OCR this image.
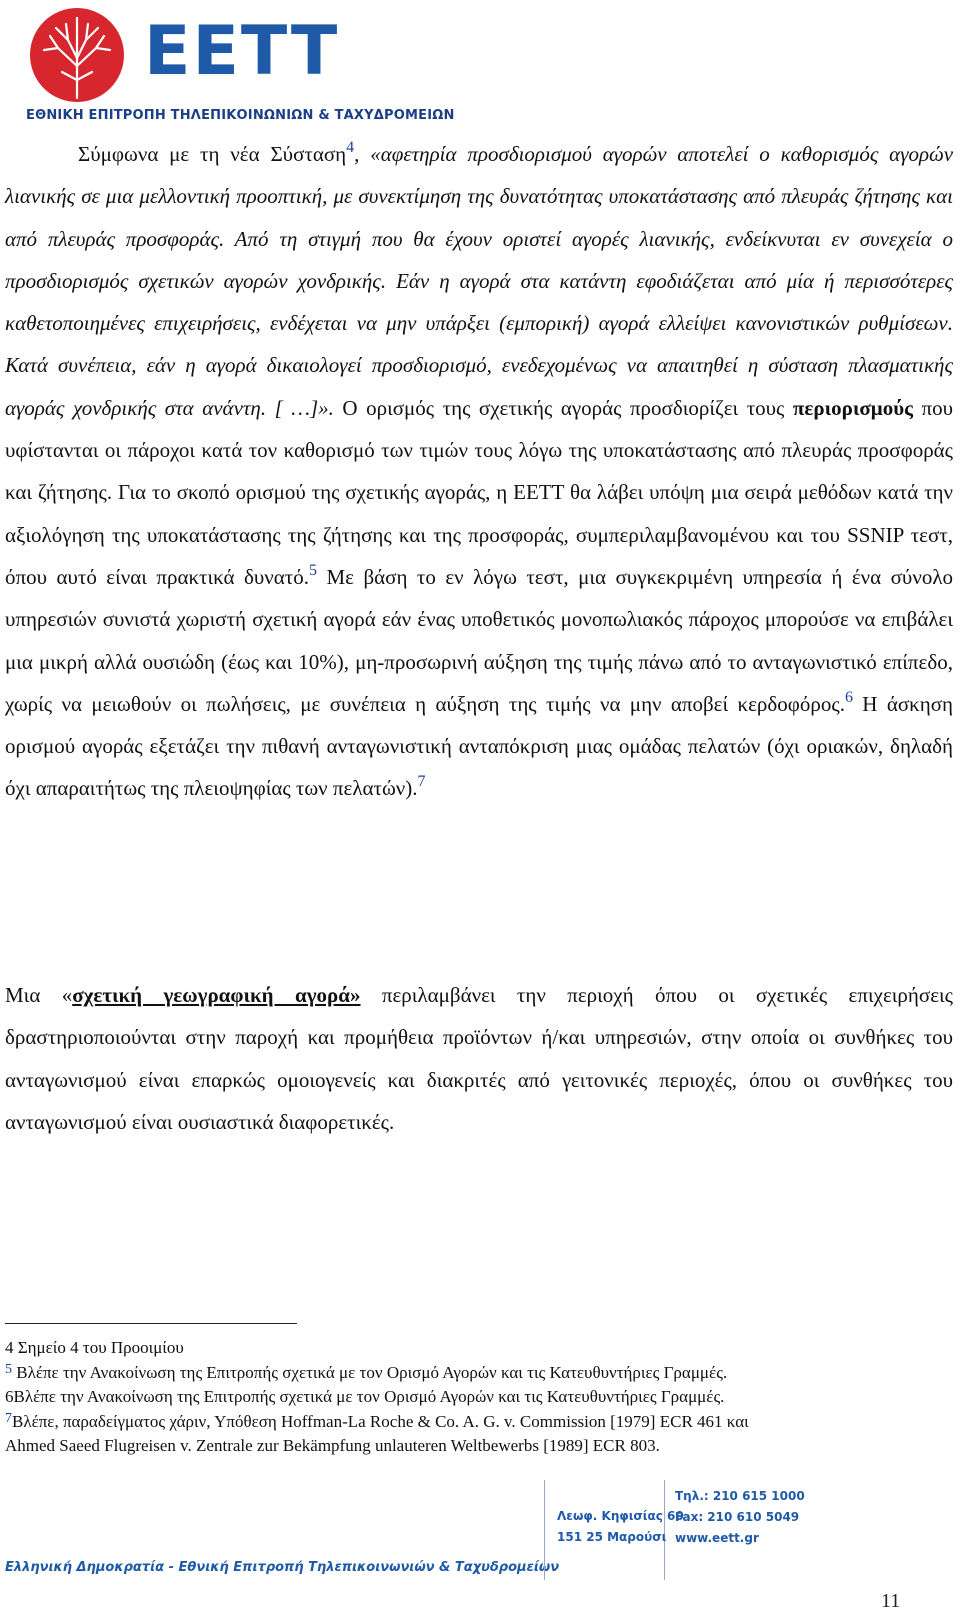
EETT
ΕΘΝΙΚΗ ΕΠΙΤΡΟΠΗ ΤΗΛΕΠΙΚΟΙΝΩΝΙΩΝ & ΤΑΧΥΔΡΟΜΕΙΩΝ

Σύμφωνα με τη νέα Σύσταση$^4$, «αφετηρία προσδιορισμού αγορών αποτελεί ο καθορισμός αγορών λιανικής σε μια μελλοντική προοπτική, με συνεκτίμηση της δυνατότητας υποκατάστασης από πλευράς ζήτησης και από πλευράς προσφοράς. Από τη στιγμή που θα έχουν οριστεί αγορές λιανικής, ενδείκνυται εν συνεχεία ο προσδιορισμός σχετικών αγορών χονδρικής. Εάν η αγορά στα κατάντη εφοδιάζεται από μία ή περισσότερες καθετοποιημένες επιχειρήσεις, ενδέχεται να μην υπάρξει (εμπορική) αγορά ελλείψει κανονιστικών ρυθμίσεων. Κατά συνέπεια, εάν η αγορά δικαιολογεί προσδιορισμό, ενεδεχομένως να απαιτηθεί η σύσταση πλασματικής αγοράς χονδρικής στα ανάντη. [ …]». Ο ορισμός της σχετικής αγοράς προσδιορίζει τους περιορισμούς που υφίστανται οι πάροχοι κατά τον καθορισμό των τιμών τους λόγω της υποκατάστασης από πλευράς προσφοράς και ζήτησης. Για το σκοπό ορισμού της σχετικής αγοράς, η ΕΕΤΤ θα λάβει υπόψη μια σειρά μεθόδων κατά την αξιολόγηση της υποκατάστασης της ζήτησης και της προσφοράς, συμπεριλαμβανομένου και του SSNIP τεστ, όπου αυτό είναι πρακτικά δυνατό.$^5$ Με βάση το εν λόγω τεστ, μια συγκεκριμένη υπηρεσία ή ένα σύνολο υπηρεσιών συνιστά χωριστή σχετική αγορά εάν ένας υποθετικός μονοπωλιακός πάροχος μπορούσε να επιβάλει μια μικρή αλλά ουσιώδη (έως και 10%), μη-προσωρινή αύξηση της τιμής πάνω από το ανταγωνιστικό επίπεδο, χωρίς να μειωθούν οι πωλήσεις, με συνέπεια η αύξηση της τιμής να μην αποβεί κερδοφόρος.$^6$ Η άσκηση ορισμού αγοράς εξετάζει την πιθανή ανταγωνιστική ανταπόκριση μιας ομάδας πελατών (όχι οριακών, δηλαδή όχι απαραιτήτως της πλειοψηφίας των πελατών).$^7$

Μια «σχετική γεωγραφική αγορά» περιλαμβάνει την περιοχή όπου οι σχετικές επιχειρήσεις δραστηριοποιούνται στην παροχή και προμήθεια προϊόντων ή/και υπηρεσιών, στην οποία οι συνθήκες του ανταγωνισμού είναι επαρκώς ομοιογενείς και διακριτές από γειτονικές περιοχές, όπου οι συνθήκες του ανταγωνισμού είναι ουσιαστικά διαφορετικές.

4 Σημείο 4 του Προοιμίου
$^5$ Βλέπε την Ανακοίνωση της Επιτροπής σχετικά με τον Ορισμό Αγορών και τις Κατευθυντήριες Γραμμές.
6Βλέπε την Ανακοίνωση της Επιτροπής σχετικά με τον Ορισμό Αγορών και τις Κατευθυντήριες Γραμμές.
$^7$Βλέπε, παραδείγματος χάριν, Υπόθεση Hoffman-La Roche & Co. A. G. v. Commission [1979] ECR 461 και
Ahmed Saeed Flugreisen v. Zentrale zur Bekämpfung unlauteren Weltbewerbs [1989] ECR 803.
Ελληνική Δημοκρατία - Εθνική Επιτροπή Τηλεπικοινωνιών & Ταχυδρομείων
Λεωφ. Κηφισίας 60
151 25 Μαρούσι
Τηλ.: 210 615 1000
Fax: 210 610 5049
www.eett.gr
11
